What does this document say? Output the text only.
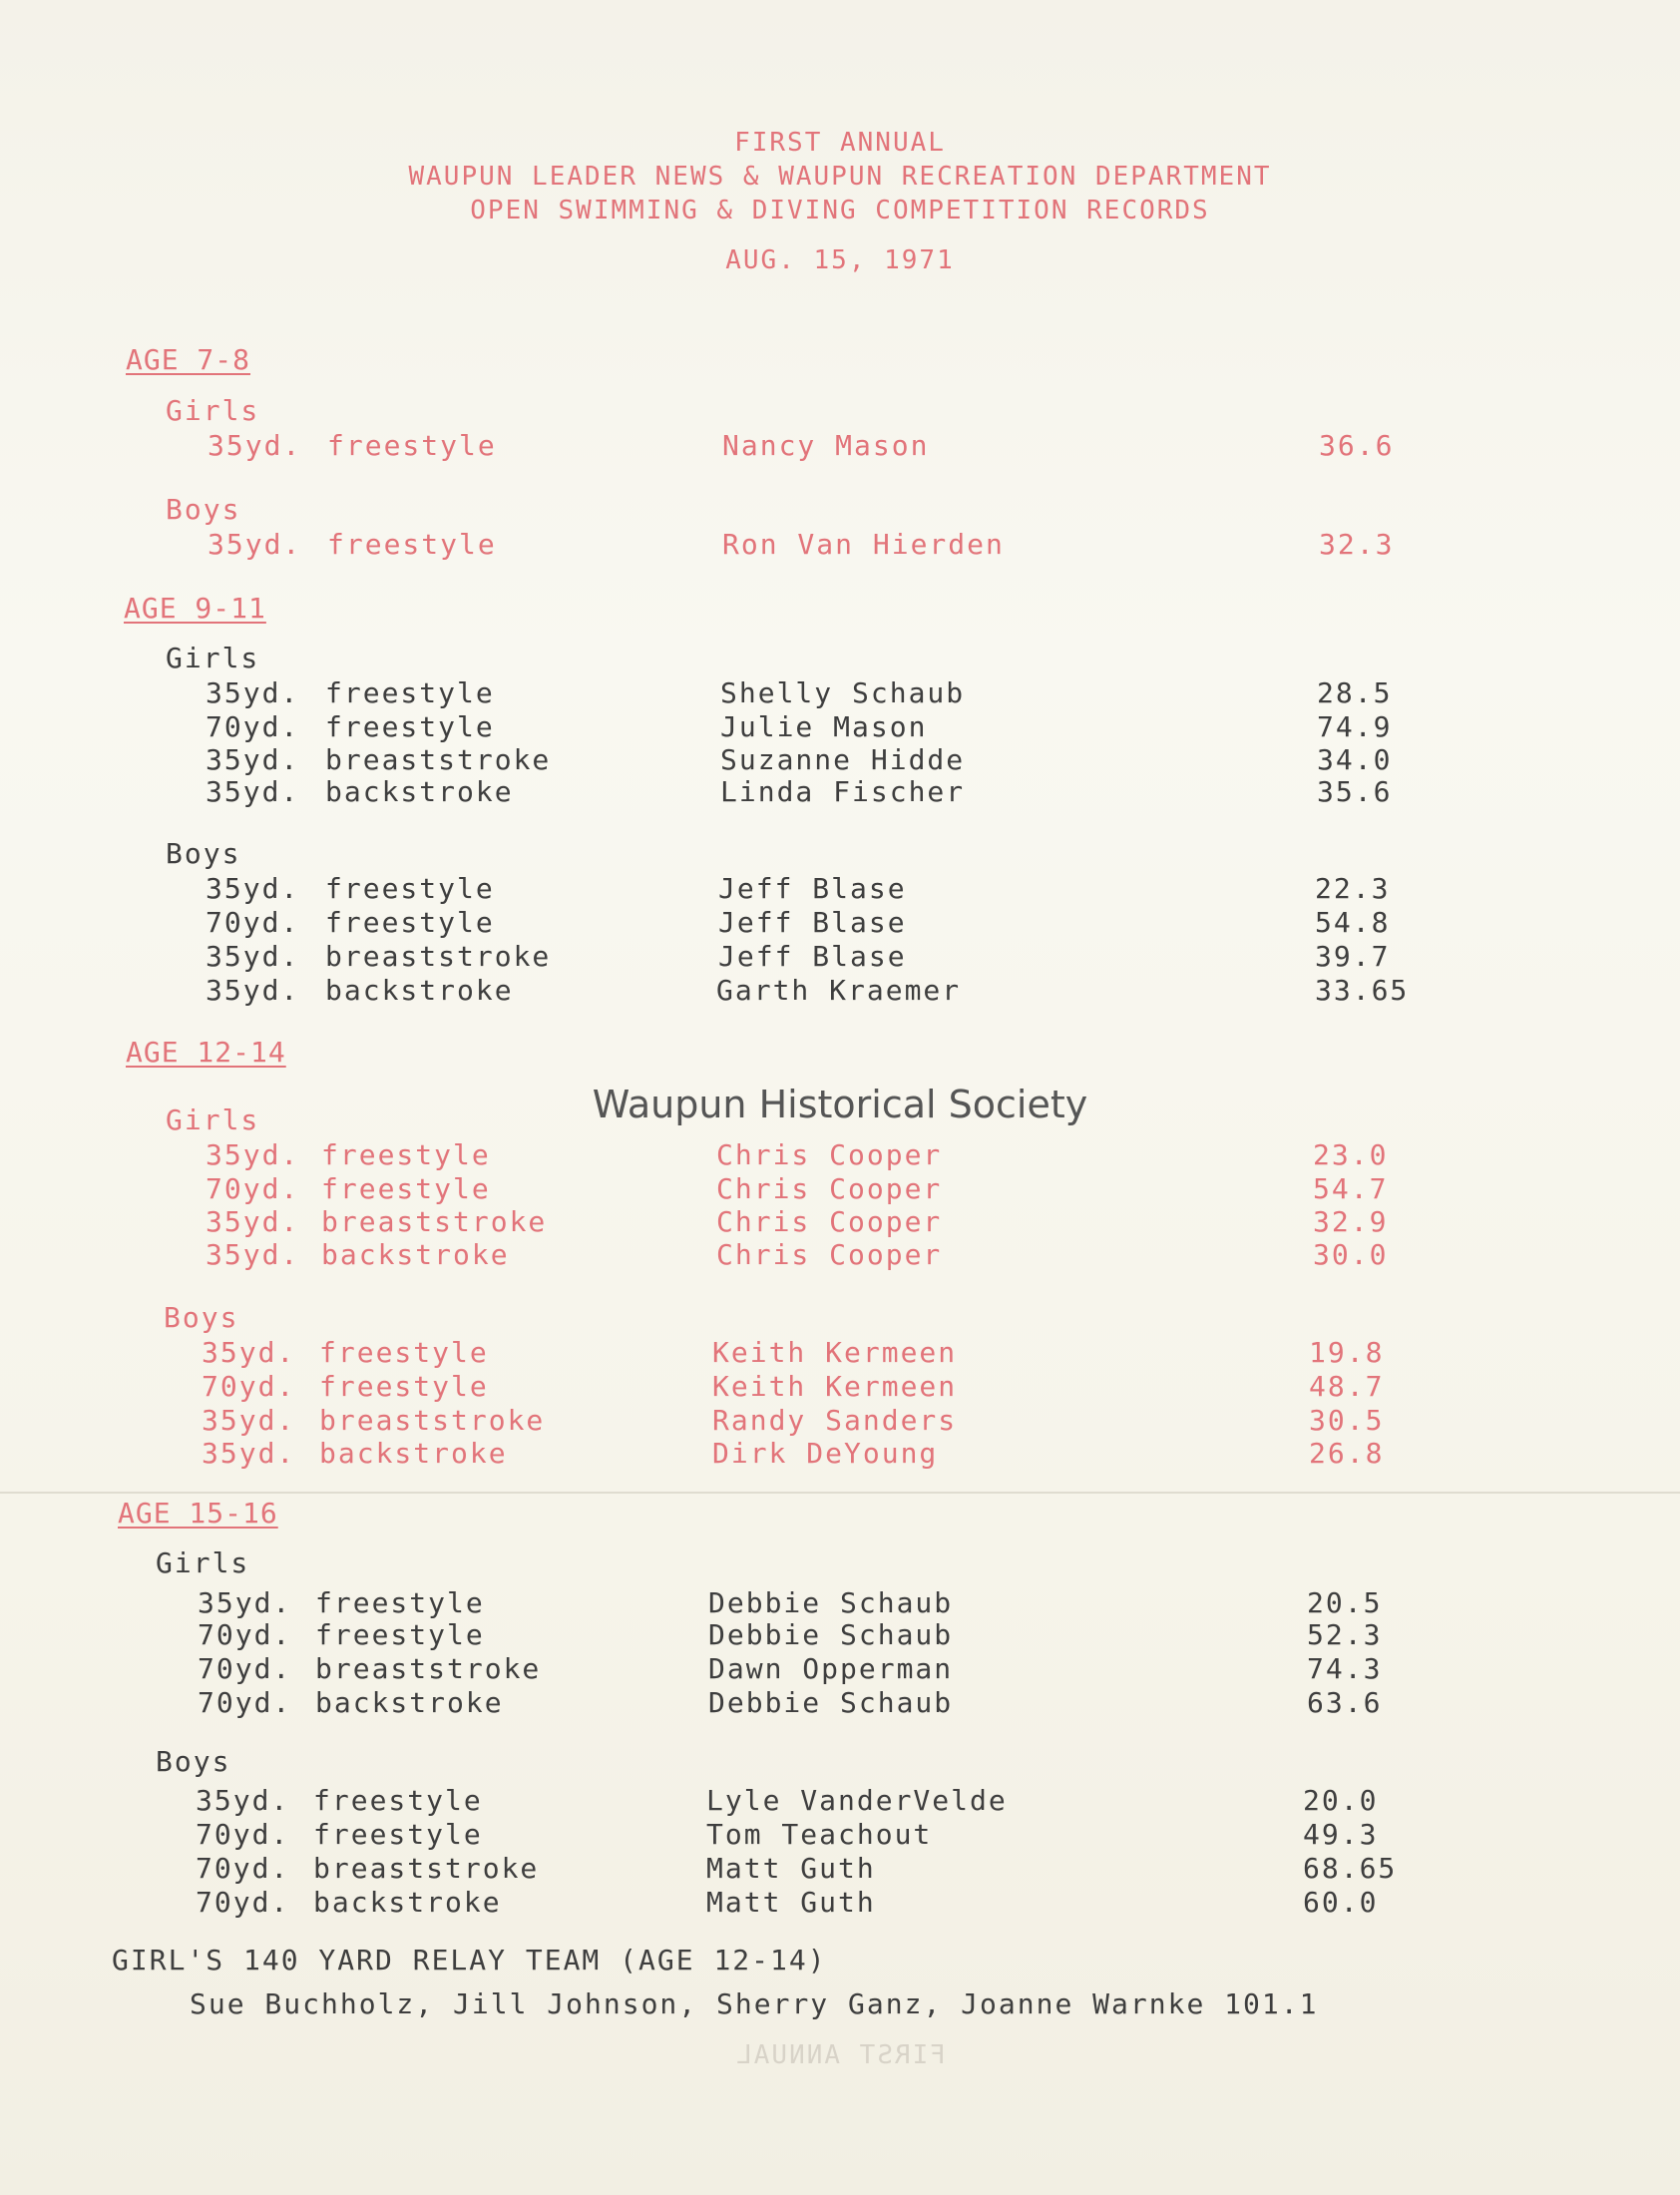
FIRST ANNUAL
WAUPUN LEADER NEWS & WAUPUN RECREATION DEPARTMENT
OPEN SWIMMING & DIVING COMPETITION RECORDS
AUG. 15, 1971
AGE 7-8
Girls
35yd. freestyle	Nancy Mason	36.6
Boys
35yd. freestyle	Ron Van Hierden	32.3
AGE 9-11
Girls
35yd. freestyle	Shelly Schaub	28.5
70yd. freestyle	Julie Mason	74.9
35yd. breaststroke	Suzanne Hidde	34.0
35yd. backstroke	Linda Fischer	35.6
Boys
35yd. freestyle	Jeff Blase	22.3
70yd. freestyle	Jeff Blase	54.8
35yd. breaststroke	Jeff Blase	39.7
35yd. backstroke	Garth Kraemer	33.65
AGE 12-14
Waupun Historical Society
Girls
35yd. freestyle	Chris Cooper	23.0
70yd. freestyle	Chris Cooper	54.7
35yd. breaststroke	Chris Cooper	32.9
35yd. backstroke	Chris Cooper	30.0
Boys
35yd. freestyle	Keith Kermeen	19.8
70yd. freestyle	Keith Kermeen	48.7
35yd. breaststroke	Randy Sanders	30.5
35yd. backstroke	Dirk DeYoung	26.8
AGE 15-16
Girls
35yd. freestyle	Debbie Schaub	20.5
70yd. freestyle	Debbie Schaub	52.3
70yd. breaststroke	Dawn Opperman	74.3
70yd. backstroke	Debbie Schaub	63.6
Boys
35yd. freestyle	Lyle VanderVelde	20.0
70yd. freestyle	Tom Teachout	49.3
70yd. breaststroke	Matt Guth	68.65
70yd. backstroke	Matt Guth	60.0
GIRL'S 140 YARD RELAY TEAM (AGE 12-14)
Sue Buchholz, Jill Johnson, Sherry Ganz, Joanne Warnke 101.1
FIRST ANNUAL
